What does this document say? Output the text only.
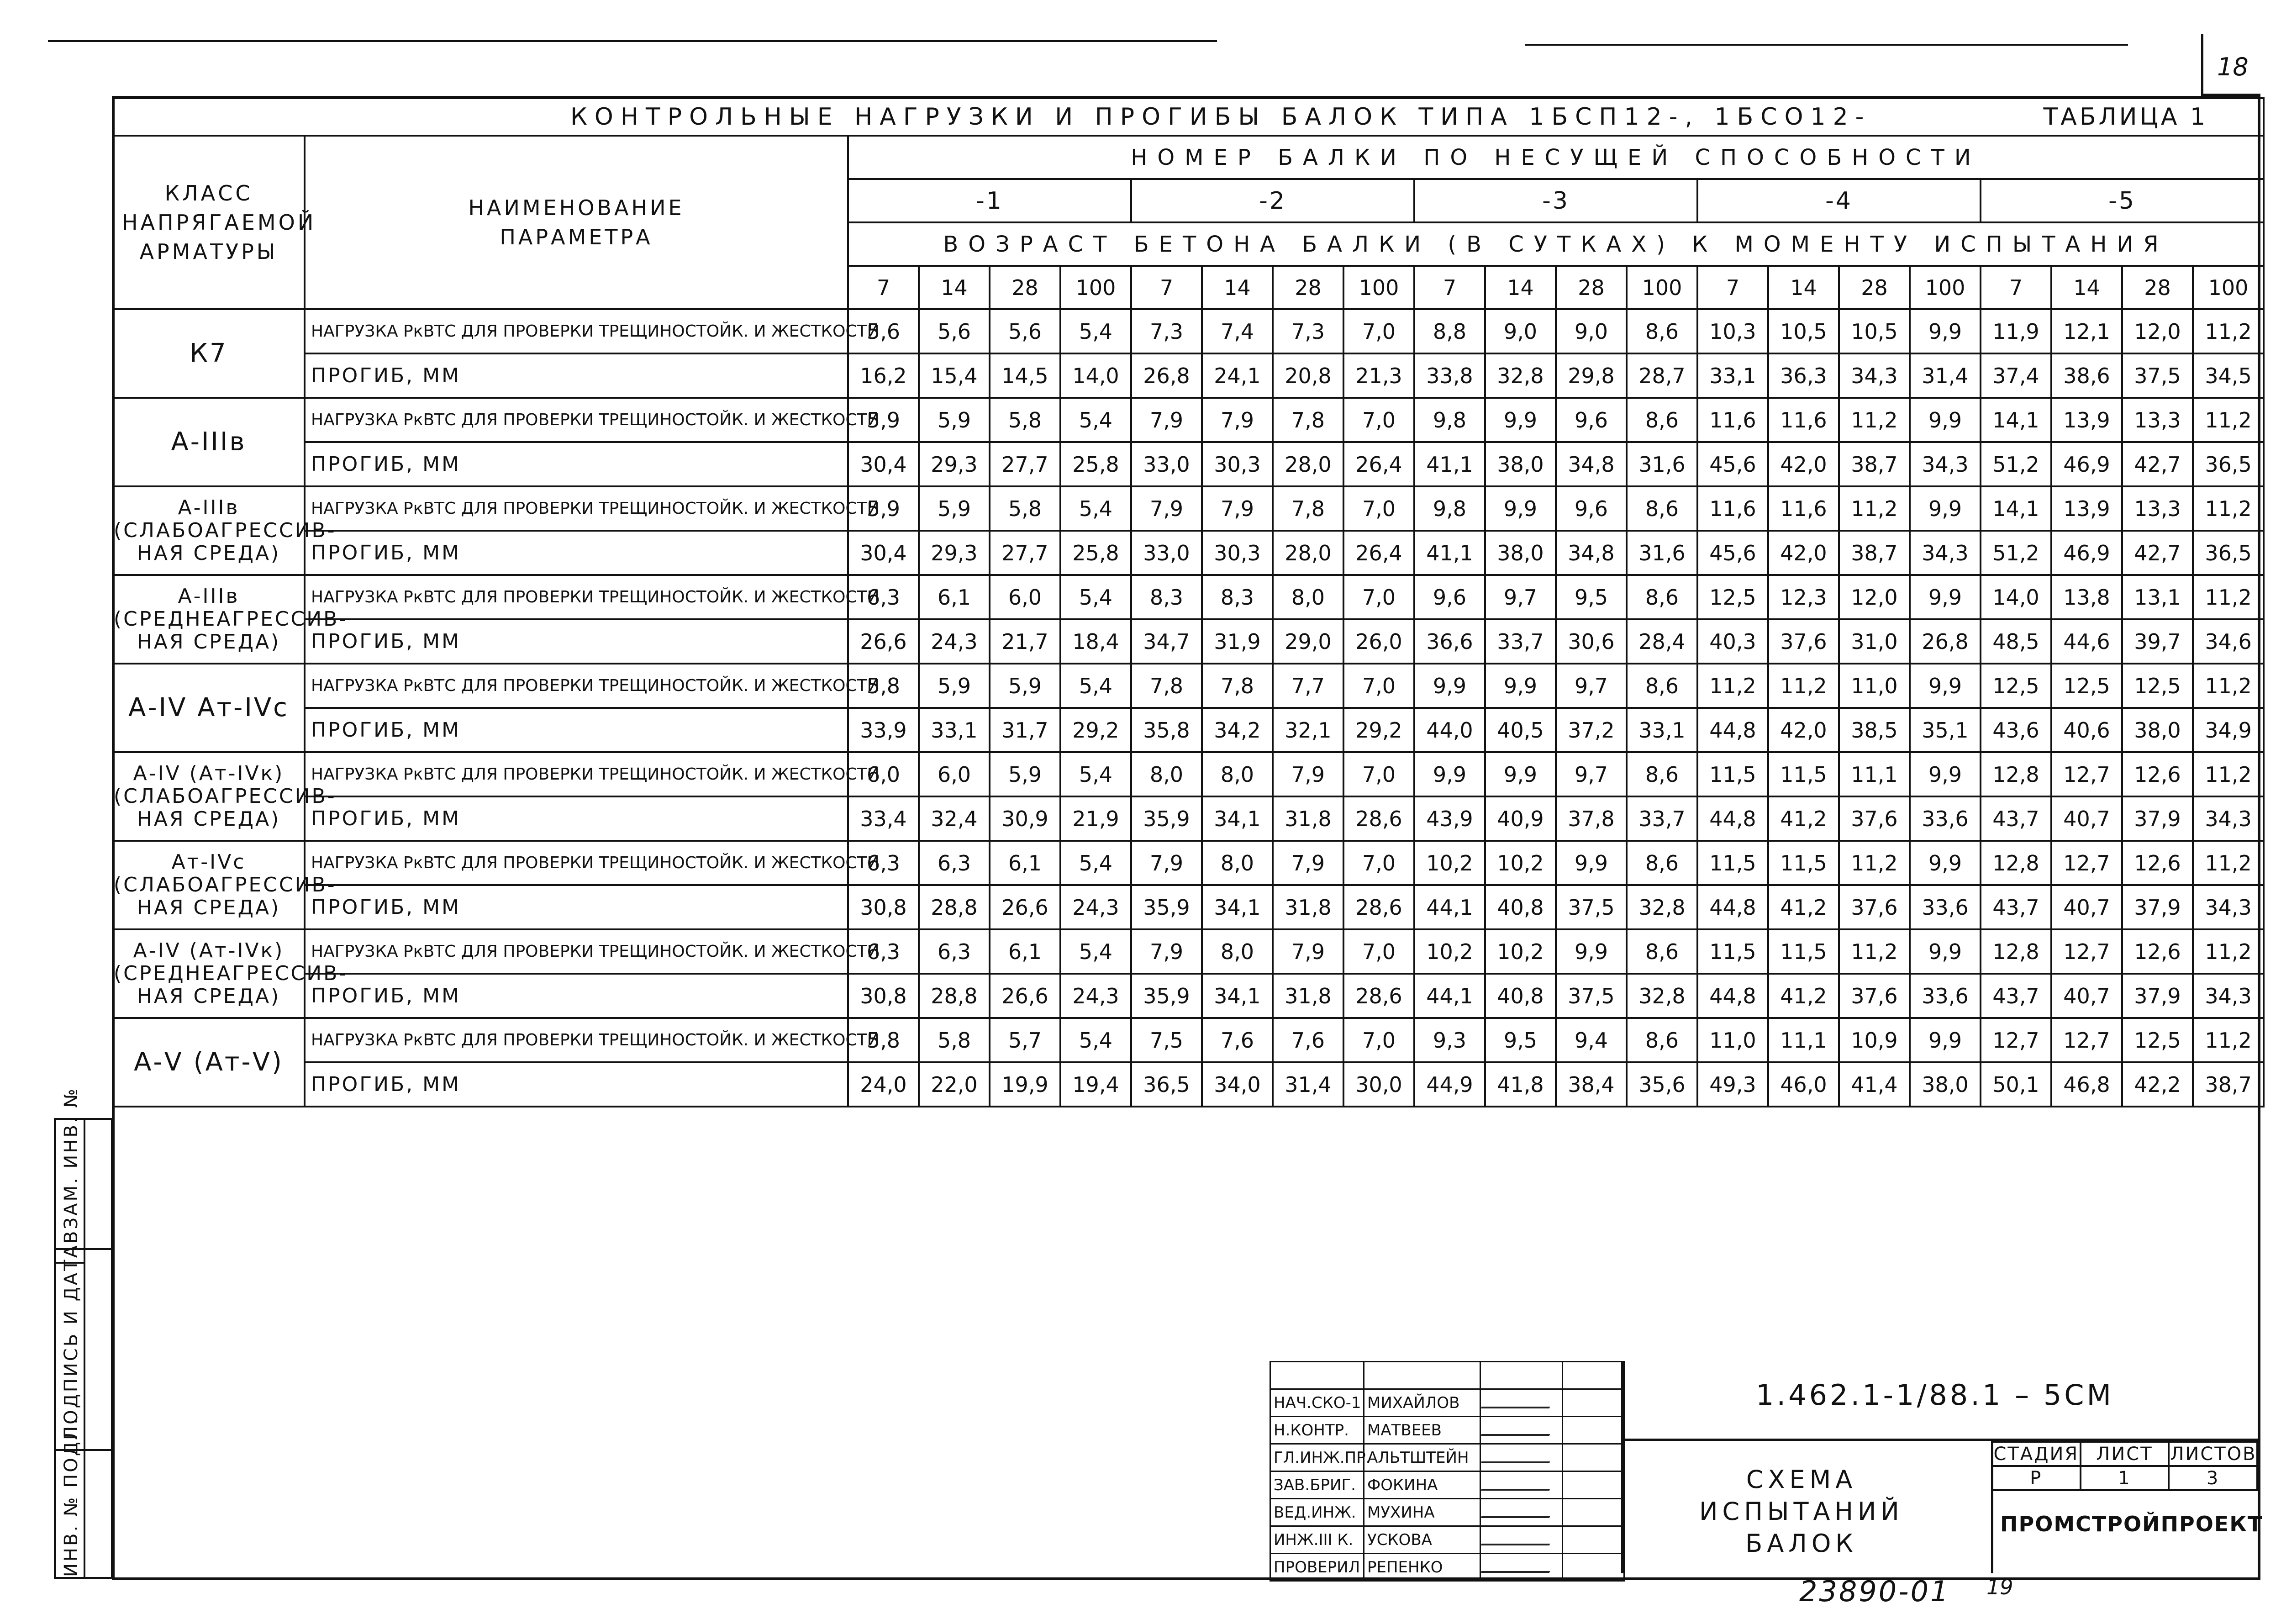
18
КОНТРОЛЬНЫЕ НАГРУЗКИ И ПРОГИБЫ БАЛОК ТИПА 1БСП12-, 1БСО12- ТАБЛИЦА 1																					

КЛАСС НАПРЯГАЕМОЙ АРМАТУРЫ	НАИМЕНОВАНИЕ ПАРАМЕТРА	НОМЕР БАЛКИ ПО НЕСУЩЕЙ СПОСОБНОСТИ																			
		-1				-2				-3				-4				-5			
		ВОЗРАСТ БЕТОНА БАЛКИ (В СУТКАХ) К МОМЕНТУ ИСПЫТАНИЯ																			
		7	14	28	100	7	14	28	100	7	14	28	100	7	14	28	100	7	14	28	100
К7	НАГРУЗКА PкВТС ДЛЯ ПРОВЕРКИ ТРЕЩИНОСТОЙК. И ЖЕСТКОСТИ	5,6	5,6	5,6	5,4	7,3	7,4	7,3	7,0	8,8	9,0	9,0	8,6	10,3	10,5	10,5	9,9	11,9	12,1	12,0	11,2
	ПРОГИБ, ММ	16,2	15,4	14,5	14,0	26,8	24,1	20,8	21,3	33,8	32,8	29,8	28,7	33,1	36,3	34,3	31,4	37,4	38,6	37,5	34,5
А-ІІІв	НАГРУЗКА PкВТС ДЛЯ ПРОВЕРКИ ТРЕЩИНОСТОЙК. И ЖЕСТКОСТИ	5,9	5,9	5,8	5,4	7,9	7,9	7,8	7,0	9,8	9,9	9,6	8,6	11,6	11,6	11,2	9,9	14,1	13,9	13,3	11,2
	ПРОГИБ, ММ	30,4	29,3	27,7	25,8	33,0	30,3	28,0	26,4	41,1	38,0	34,8	31,6	45,6	42,0	38,7	34,3	51,2	46,9	42,7	36,5
А-ІІІв (СЛАБОАГРЕССИВ-НАЯ СРЕДА)	НАГРУЗКА PкВТС ДЛЯ ПРОВЕРКИ ТРЕЩИНОСТОЙК. И ЖЕСТКОСТИ	5,9	5,9	5,8	5,4	7,9	7,9	7,8	7,0	9,8	9,9	9,6	8,6	11,6	11,6	11,2	9,9	14,1	13,9	13,3	11,2
	ПРОГИБ, ММ	30,4	29,3	27,7	25,8	33,0	30,3	28,0	26,4	41,1	38,0	34,8	31,6	45,6	42,0	38,7	34,3	51,2	46,9	42,7	36,5
А-ІІІв (СРЕДНЕАГРЕССИВ-НАЯ СРЕДА)	НАГРУЗКА PкВТС ДЛЯ ПРОВЕРКИ ТРЕЩИНОСТОЙК. И ЖЕСТКОСТИ	6,3	6,1	6,0	5,4	8,3	8,3	8,0	7,0	9,6	9,7	9,5	8,6	12,5	12,3	12,0	9,9	14,0	13,8	13,1	11,2
	ПРОГИБ, ММ	26,6	24,3	21,7	18,4	34,7	31,9	29,0	26,0	36,6	33,7	30,6	28,4	40,3	37,6	31,0	26,8	48,5	44,6	39,7	34,6
А-ІV Ат-ІVс	НАГРУЗКА PкВТС ДЛЯ ПРОВЕРКИ ТРЕЩИНОСТОЙК. И ЖЕСТКОСТИ	5,8	5,9	5,9	5,4	7,8	7,8	7,7	7,0	9,9	9,9	9,7	8,6	11,2	11,2	11,0	9,9	12,5	12,5	12,5	11,2
	ПРОГИБ, ММ	33,9	33,1	31,7	29,2	35,8	34,2	32,1	29,2	44,0	40,5	37,2	33,1	44,8	42,0	38,5	35,1	43,6	40,6	38,0	34,9
А-ІV (Ат-ІVк) (СЛАБОАГРЕССИВ-НАЯ СРЕДА)	НАГРУЗКА PкВТС ДЛЯ ПРОВЕРКИ ТРЕЩИНОСТОЙК. И ЖЕСТКОСТИ	6,0	6,0	5,9	5,4	8,0	8,0	7,9	7,0	9,9	9,9	9,7	8,6	11,5	11,5	11,1	9,9	12,8	12,7	12,6	11,2
	ПРОГИБ, ММ	33,4	32,4	30,9	21,9	35,9	34,1	31,8	28,6	43,9	40,9	37,8	33,7	44,8	41,2	37,6	33,6	43,7	40,7	37,9	34,3
Ат-ІVс (СЛАБОАГРЕССИВ-НАЯ СРЕДА)	НАГРУЗКА PкВТС ДЛЯ ПРОВЕРКИ ТРЕЩИНОСТОЙК. И ЖЕСТКОСТИ	6,3	6,3	6,1	5,4	7,9	8,0	7,9	7,0	10,2	10,2	9,9	8,6	11,5	11,5	11,2	9,9	12,8	12,7	12,6	11,2
	ПРОГИБ, ММ	30,8	28,8	26,6	24,3	35,9	34,1	31,8	28,6	44,1	40,8	37,5	32,8	44,8	41,2	37,6	33,6	43,7	40,7	37,9	34,3
А-ІV (Ат-ІVк) (СРЕДНЕАГРЕССИВ-НАЯ СРЕДА)	НАГРУЗКА PкВТС ДЛЯ ПРОВЕРКИ ТРЕЩИНОСТОЙК. И ЖЕСТКОСТИ	6,3	6,3	6,1	5,4	7,9	8,0	7,9	7,0	10,2	10,2	9,9	8,6	11,5	11,5	11,2	9,9	12,8	12,7	12,6	11,2
	ПРОГИБ, ММ	30,8	28,8	26,6	24,3	35,9	34,1	31,8	28,6	44,1	40,8	37,5	32,8	44,8	41,2	37,6	33,6	43,7	40,7	37,9	34,3
А-V (Ат-V)	НАГРУЗКА PкВТС ДЛЯ ПРОВЕРКИ ТРЕЩИНОСТОЙК. И ЖЕСТКОСТИ	5,8	5,8	5,7	5,4	7,5	7,6	7,6	7,0	9,3	9,5	9,4	8,6	11,0	11,1	10,9	9,9	12,7	12,7	12,5	11,2
	ПРОГИБ, ММ	24,0	22,0	19,9	19,4	36,5	34,0	31,4	30,0	44,9	41,8	38,4	35,6	49,3	46,0	41,4	38,0	50,1	46,8	42,2	38,7
ИНВ. № ПОДЛ.
ПОДПИСЬ И ДАТА
ВЗАМ. ИНВ. №

НАЧ.СКО-1	МИХАЙЛОВ		
Н.КОНТР.	МАТВЕЕВ		
ГЛ.ИНЖ.ПР.	АЛЬТШТЕЙН		
ЗАВ.БРИГ.	ФОКИНА		
ВЕД.ИНЖ.	МУХИНА		
ИНЖ.ІІІ К.	УСКОВА		
ПРОВЕРИЛ	РЕПЕНКО		
1.462.1-1/88.1 – 5СМ
СХЕМА ИСПЫТАНИЙ БАЛОК
СТАДИЯ	ЛИСТ	ЛИСТОВ
Р	1	3
ПРОМСТРОЙПРОЕКТ
23890-01 19
